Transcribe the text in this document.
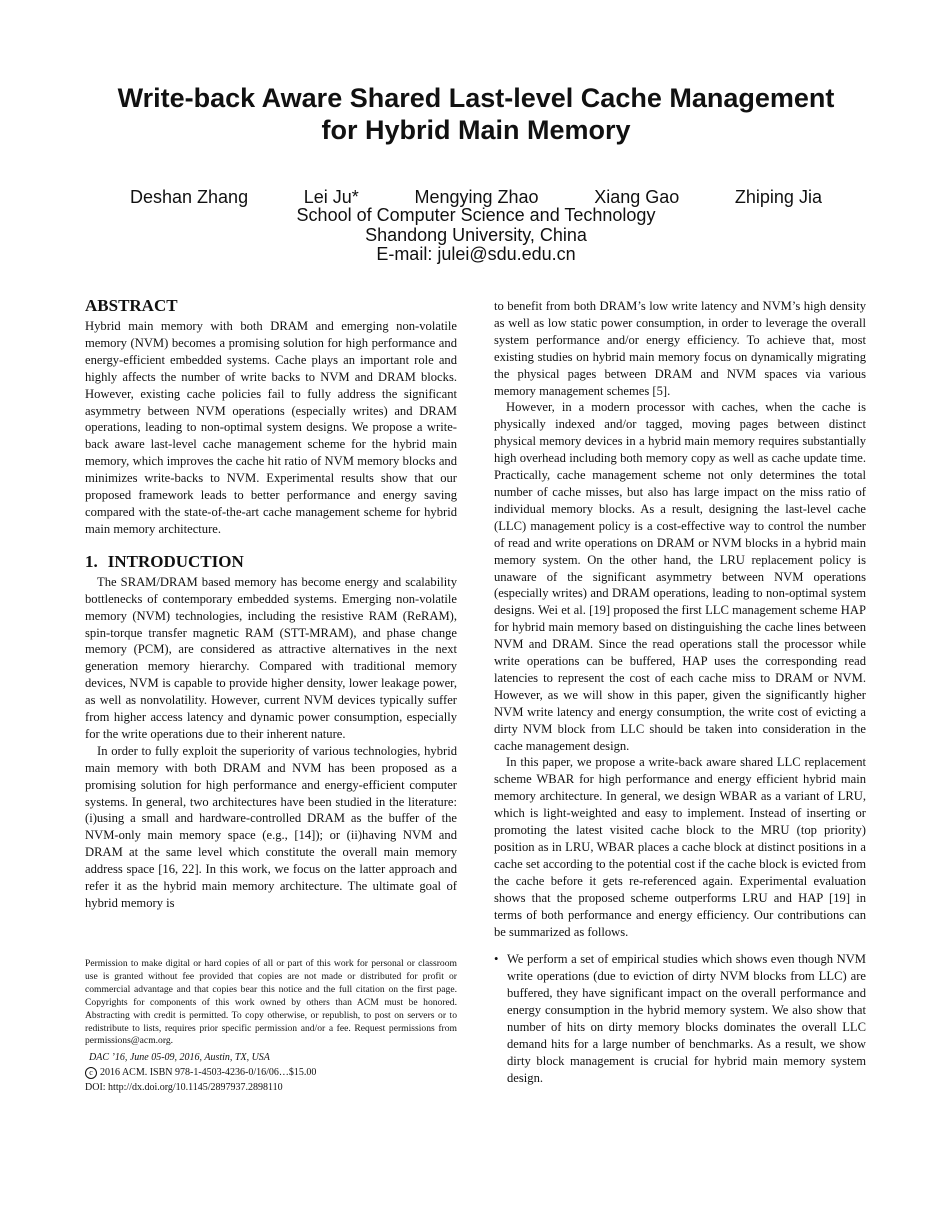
Write-back Aware Shared Last-level Cache Management
for Hybrid Main Memory
Deshan Zhang	Lei Ju*	Mengying Zhao	Xiang Gao	Zhiping Jia
School of Computer Science and Technology
Shandong University, China
E-mail: julei@sdu.edu.cn
ABSTRACT

Hybrid main memory with both DRAM and emerging non-volatile memory (NVM) becomes a promising solution for high performance and energy-efficient embedded systems. Cache plays an important role and highly affects the number of write backs to NVM and DRAM blocks. However, existing cache policies fail to fully address the significant asymmetry between NVM operations (especially writes) and DRAM operations, leading to non-optimal system designs. We propose a write-back aware last-level cache management scheme for the hybrid main memory, which improves the cache hit ratio of NVM memory blocks and minimizes write-backs to NVM. Experimental results show that our proposed framework leads to better performance and energy saving compared with the state-of-the-art cache management scheme for hybrid main memory architecture.

1. INTRODUCTION

The SRAM/DRAM based memory has become energy and scalability bottlenecks of contemporary embedded systems. Emerging non-volatile memory (NVM) technologies, including the resistive RAM (ReRAM), spin-torque transfer magnetic RAM (STT-MRAM), and phase change memory (PCM), are considered as attractive alternatives in the next generation memory hierarchy. Compared with traditional memory devices, NVM is capable to provide higher density, lower leakage power, as well as nonvolatility. However, current NVM devices typically suffer from higher access latency and dynamic power consumption, especially for the write operations due to their inherent nature.

In order to fully exploit the superiority of various technologies, hybrid main memory with both DRAM and NVM has been proposed as a promising solution for high performance and energy-efficient computer systems. In general, two architectures have been studied in the literature: (i)using a small and hardware-controlled DRAM as the buffer of the NVM-only main memory space (e.g., [14]); or (ii)having NVM and DRAM at the same level which constitute the overall main memory address space [16, 22]. In this work, we focus on the latter approach and refer it as the hybrid main memory architecture. The ultimate goal of hybrid memory is

Permission to make digital or hard copies of all or part of this work for personal or classroom use is granted without fee provided that copies are not made or distributed for profit or commercial advantage and that copies bear this notice and the full citation on the first page. Copyrights for components of this work owned by others than ACM must be honored. Abstracting with credit is permitted. To copy otherwise, or republish, to post on servers or to redistribute to lists, requires prior specific permission and/or a fee. Request permissions from permissions@acm.org.

DAC ’16, June 05-09, 2016, Austin, TX, USA

c 2016 ACM. ISBN 978-1-4503-4236-0/16/06…$15.00

DOI: http://dx.doi.org/10.1145/2897937.2898110

to benefit from both DRAM’s low write latency and NVM’s high density as well as low static power consumption, in order to leverage the overall system performance and/or energy efficiency. To achieve that, most existing studies on hybrid main memory focus on dynamically migrating the physical pages between DRAM and NVM spaces via various memory management schemes [5].

However, in a modern processor with caches, when the cache is physically indexed and/or tagged, moving pages between distinct physical memory devices in a hybrid main memory requires substantially high overhead including both memory copy as well as cache update time. Practically, cache management scheme not only determines the total number of cache misses, but also has large impact on the miss ratio of individual memory blocks. As a result, designing the last-level cache (LLC) management policy is a cost-effective way to control the number of read and write operations on DRAM or NVM blocks in a hybrid main memory system. On the other hand, the LRU replacement policy is unaware of the significant asymmetry between NVM operations (especially writes) and DRAM operations, leading to non-optimal system designs. Wei et al. [19] proposed the first LLC management scheme HAP for hybrid main memory based on distinguishing the cache lines between NVM and DRAM. Since the read operations stall the processor while write operations can be buffered, HAP uses the corresponding read latencies to represent the cost of each cache miss to DRAM or NVM. However, as we will show in this paper, given the significantly higher NVM write latency and energy consumption, the write cost of evicting a dirty NVM block from LLC should be taken into consideration in the cache management design.

In this paper, we propose a write-back aware shared LLC replacement scheme WBAR for high performance and energy efficient hybrid main memory architecture. In general, we design WBAR as a variant of LRU, which is light-weighted and easy to implement. Instead of inserting or promoting the latest visited cache block to the MRU (top priority) position as in LRU, WBAR places a cache block at distinct positions in a cache set according to the potential cost if the cache block is evicted from the cache before it gets re-referenced again. Experimental evaluation shows that the proposed scheme outperforms LRU and HAP [19] in terms of both performance and energy efficiency. Our contributions can be summarized as follows.

• We perform a set of empirical studies which shows even though NVM write operations (due to eviction of dirty NVM blocks from LLC) are buffered, they have significant impact on the overall performance and energy consumption in the hybrid memory system. We also show that number of hits on dirty memory blocks dominates the overall LLC demand hits for a large number of benchmarks. As a result, we show dirty block management is crucial for hybrid main memory system design.
